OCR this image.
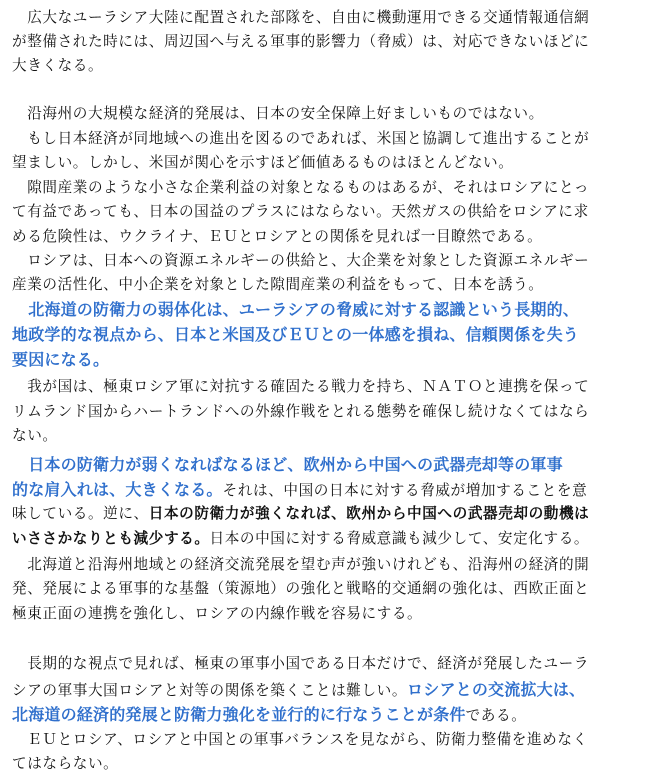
　広大なユーラシア大陸に配置された部隊を、自由に機動運用できる交通情報通信網
が整備された時には、周辺国へ与える軍事的影響力（脅威）は、対応できないほどに
大きくなる。
　沿海州の大規模な経済的発展は、日本の安全保障上好ましいものではない。
　もし日本経済が同地域への進出を図るのであれば、米国と協調して進出することが
望ましい。しかし、米国が関心を示すほど価値あるものはほとんどない。
　隙間産業のような小さな企業利益の対象となるものはあるが、それはロシアにとっ
て有益であっても、日本の国益のプラスにはならない。天然ガスの供給をロシアに求
める危険性は、ウクライナ、ＥＵとロシアとの関係を見れば一目瞭然である。
　ロシアは、日本への資源エネルギーの供給と、大企業を対象とした資源エネルギー
産業の活性化、中小企業を対象とした隙間産業の利益をもって、日本を誘う。
　北海道の防衛力の弱体化は、ユーラシアの脅威に対する認識という長期的、
地政学的な視点から、日本と米国及びＥＵとの一体感を損ね、信頼関係を失う
要因になる。
　我が国は、極東ロシア軍に対抗する確固たる戦力を持ち、ＮＡＴＯと連携を保って
リムランド国からハートランドへの外線作戦をとれる態勢を確保し続けなくてはなら
ない。
　日本の防衛力が弱くなればなるほど、欧州から中国への武器売却等の軍事
的な肩入れは、大きくなる。それは、中国の日本に対する脅威が増加することを意
味している。逆に、日本の防衛力が強くなれば、欧州から中国への武器売却の動機は
いささかなりとも減少する。日本の中国に対する脅威意識も減少して、安定化する。
　北海道と沿海州地域との経済交流発展を望む声が強いけれども、沿海州の経済的開
発、発展による軍事的な基盤（策源地）の強化と戦略的交通網の強化は、西欧正面と
極東正面の連携を強化し、ロシアの内線作戦を容易にする。
　長期的な視点で見れば、極東の軍事小国である日本だけで、経済が発展したユーラ
シアの軍事大国ロシアと対等の関係を築くことは難しい。ロシアとの交流拡大は、
北海道の経済的発展と防衛力強化を並行的に行なうことが条件である。
　ＥＵとロシア、ロシアと中国との軍事バランスを見ながら、防衛力整備を進めなく
てはならない。
